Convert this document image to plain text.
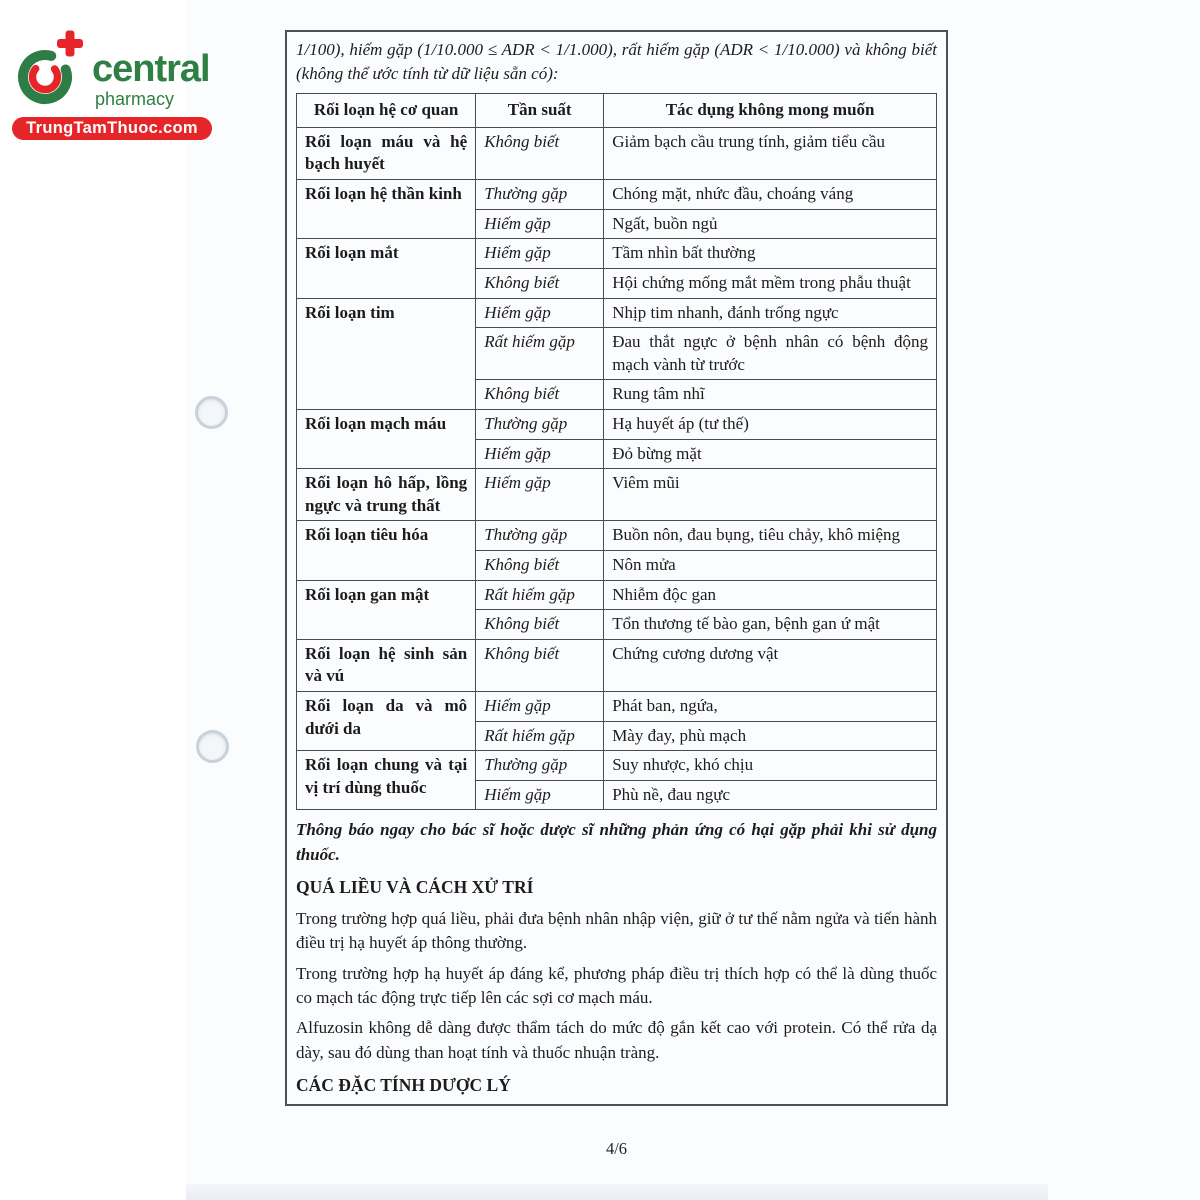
central
pharmacy
TrungTamThuoc.com

1/100), hiếm gặp (1/10.000 ≤ ADR < 1/1.000), rất hiếm gặp (ADR < 1/10.000) và không biết (không thể ước tính từ dữ liệu sẵn có):

Rối loạn hệ cơ quan	Tần suất	Tác dụng không mong muốn
Rối loạn máu và hệ bạch huyết	Không biết	Giảm bạch cầu trung tính, giảm tiểu cầu
Rối loạn hệ thần kinh	Thường gặp	Chóng mặt, nhức đầu, choáng váng
	Hiếm gặp	Ngất, buồn ngủ
Rối loạn mắt	Hiếm gặp	Tầm nhìn bất thường
	Không biết	Hội chứng mống mắt mềm trong phẫu thuật
Rối loạn tim	Hiếm gặp	Nhịp tim nhanh, đánh trống ngực
	Rất hiếm gặp	Đau thắt ngực ở bệnh nhân có bệnh động mạch vành từ trước
	Không biết	Rung tâm nhĩ
Rối loạn mạch máu	Thường gặp	Hạ huyết áp (tư thế)
	Hiếm gặp	Đỏ bừng mặt
Rối loạn hô hấp, lồng ngực và trung thất	Hiếm gặp	Viêm mũi
Rối loạn tiêu hóa	Thường gặp	Buồn nôn, đau bụng, tiêu chảy, khô miệng
	Không biết	Nôn mửa
Rối loạn gan mật	Rất hiếm gặp	Nhiễm độc gan
	Không biết	Tổn thương tế bào gan, bệnh gan ứ mật
Rối loạn hệ sinh sản và vú	Không biết	Chứng cương dương vật
Rối loạn da và mô dưới da	Hiếm gặp	Phát ban, ngứa,
	Rất hiếm gặp	Mày đay, phù mạch
Rối loạn chung và tại vị trí dùng thuốc	Thường gặp	Suy nhược, khó chịu
	Hiếm gặp	Phù nề, đau ngực

Thông báo ngay cho bác sĩ hoặc dược sĩ những phản ứng có hại gặp phải khi sử dụng thuốc.

QUÁ LIỀU VÀ CÁCH XỬ TRÍ

Trong trường hợp quá liều, phải đưa bệnh nhân nhập viện, giữ ở tư thế nằm ngửa và tiến hành điều trị hạ huyết áp thông thường.

Trong trường hợp hạ huyết áp đáng kể, phương pháp điều trị thích hợp có thể là dùng thuốc co mạch tác động trực tiếp lên các sợi cơ mạch máu.

Alfuzosin không dễ dàng được thẩm tách do mức độ gắn kết cao với protein. Có thể rửa dạ dày, sau đó dùng than hoạt tính và thuốc nhuận tràng.

CÁC ĐẶC TÍNH DƯỢC LÝ

4/6
